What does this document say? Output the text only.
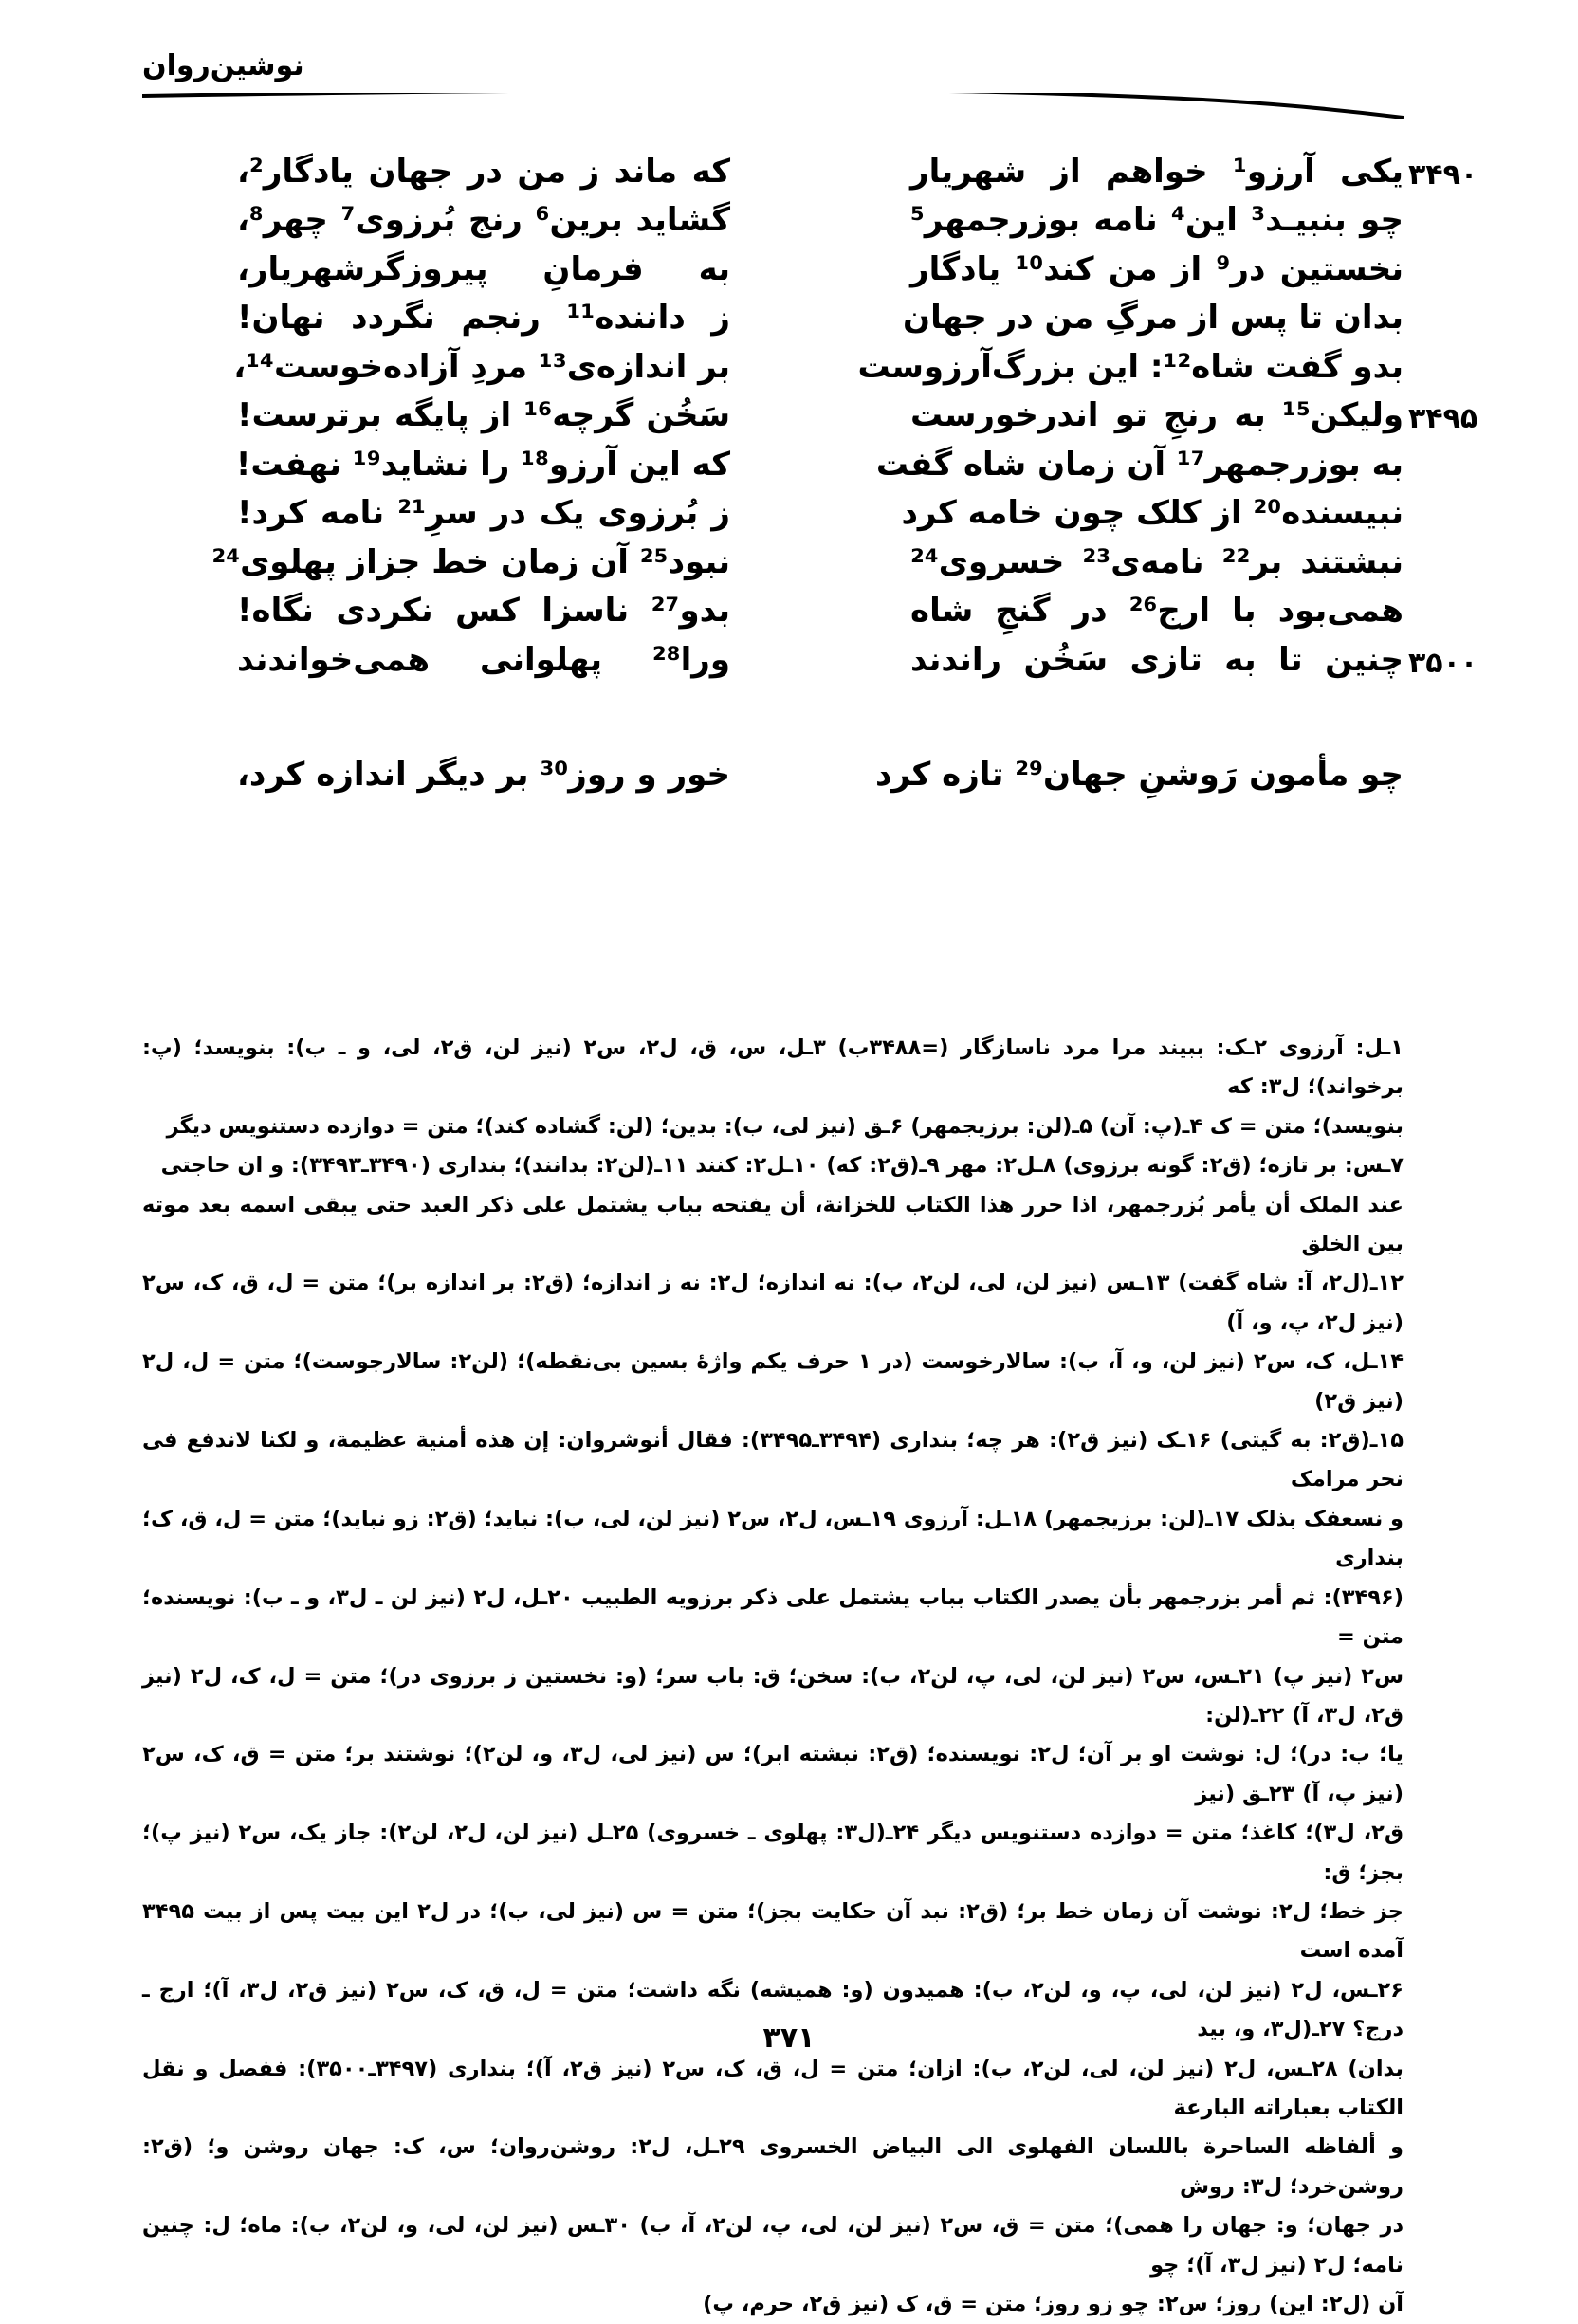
نوشین‌روان
۳۴۹۰
یکی آرزو¹ خواهم از شهریار
که ماند ز من در جهان یادگار²،
چو بنبیـد³ این⁴ نامه بوزرجمهر⁵
گشاید برین⁶ رنج بُرزوی⁷ چهر⁸،
نخستین در⁹ از من کند¹⁰ یادگار
به فرمانِ پیروزگرشهریار،
بدان تا پس از مرگِ من در جهان
ز داننده¹¹ رنجم نگردد نهان!
بدو گفت شاه¹²: این بزرگ‌آرزوست
بر اندازه‌ی¹³ مردِ آزاده‌خوست¹⁴،
۳۴۹۵
ولیکن¹⁵ به رنجِ تو اندرخورست
سَخُن گرچه¹⁶ از پایگه برترست!
به بوزرجمهر¹⁷ آن زمان شاه گفت
که این آرزو¹⁸ را نشاید¹⁹ نهفت!
نبیسنده²⁰ از کلک چون خامه کرد
ز بُرزوی یک در سرِ²¹ نامه کرد!
نبشتند بر²² نامه‌ی²³ خسروی²⁴
نبود²⁵ آن زمان خط جزاز پهلوی²⁴
همی‌بود با ارج²⁶ در گنجِ شاه
بدو²⁷ ناسزا کس نکردی نگاه!
۳۵۰۰
چنین تا به تازی سَخُن راندند
ورا²⁸ پهلوانی همی‌خواندند
چو مأمون رَوشنِ جهان²⁹ تازه کرد
خور و روز³⁰ بر دیگر اندازه کرد،

۱ـل: آرزوی ۲ـک: ببیند مرا مرد ناسازگار (=۳۴۸۸ب) ۳ـل، س، ق، ل۲، س۲ (نیز لن، ق۲، لی، و ـ ب): بنویسد؛ (پ: برخواند)؛ ل۳: که

بنویسد)؛ متن = ک ۴ـ(پ: آن) ۵ـ(لن: برزیجمهر) ۶ـق (نیز لی، ب): بدین؛ (لن: گشاده کند)؛ متن = دوازده دستنویس دیگر

۷ـس: بر تازه؛ (ق۲: گونه برزوی) ۸ـل۲: مهر ۹ـ(ق۲: که) ۱۰ـل۲: کنند ۱۱ـ(لن۲: بدانند)؛ بنداری (۳۴۹۰ـ۳۴۹۳): و ان حاجتی

عند الملک أن یأمر بُزرجمهر، اذا حرر هذا الکتاب للخزانة، أن یفتحه بباب یشتمل علی ذکر العبد حتی یبقی اسمه بعد موته بین الخلق

۱۲ـ(ل۲، آ: شاه گفت) ۱۳ـس (نیز لن، لی، لن۲، ب): نه اندازه؛ ل۲: نه ز اندازه؛ (ق۲: بر اندازه بر)؛ متن = ل، ق، ک، س۲ (نیز ل۲، پ، و، آ)

۱۴ـل، ک، س۲ (نیز لن، و، آ، ب): سالارخوست (در ۱ حرف یکم واژهٔ بسین بی‌نقطه)؛ (لن۲: سالارجوست)؛ متن = ل، ل۲ (نیز ق۲)

۱۵ـ(ق۲: به گیتی) ۱۶ـک (نیز ق۲): هر چه؛ بنداری (۳۴۹۴ـ۳۴۹۵): فقال أنوشروان: إن هذه أمنیة عظیمة، و لکنا لاندفع فی نحر مرامک

و نسعفک بذلک ۱۷ـ(لن: برزیجمهر) ۱۸ـل: آرزوی ۱۹ـس، ل۲، س۲ (نیز لن، لی، ب): نباید؛ (ق۲: زو نباید)؛ متن = ل، ق، ک؛ بنداری

(۳۴۹۶): ثم أمر بزرجمهر بأن یصدر الکتاب بباب یشتمل علی ذکر برزویه الطبیب ۲۰ـل، ل۲ (نیز لن ـ ل۳، و ـ ب): نویسنده؛ متن =

س۲ (نیز پ) ۲۱ـس، س۲ (نیز لن، لی، پ، لن۲، ب): سخن؛ ق: باب سر؛ (و: نخستین ز برزوی در)؛ متن = ل، ک، ل۲ (نیز ق۲، ل۳، آ) ۲۲ـ(لن:

یا؛ ب: در)؛ ل: نوشت او بر آن؛ ل۲: نویسنده؛ (ق۲: نبشته ابر)؛ س (نیز لی، ل۳، و، لن۲)؛ نوشتند بر؛ متن = ق، ک، س۲ (نیز پ، آ) ۲۳ـق (نیز

ق۲، ل۳)؛ کاغذ؛ متن = دوازده دستنویس دیگر ۲۴ـ(ل۳: پهلوی ـ خسروی) ۲۵ـل (نیز لن، ل۲، لن۲): جاز یک، س۲ (نیز پ)؛ بجز؛ ق:

جز خط؛ ل۲: نوشت آن زمان خط بر؛ (ق۲: نبد آن حکایت بجز)؛ متن = س (نیز لی، ب)؛ در ل۲ این بیت پس از بیت ۳۴۹۵ آمده است

۲۶ـس، ل۲ (نیز لن، لی، پ، و، لن۲، ب): همیدون (و: همیشه) نگه داشت؛ متن = ل، ق، ک، س۲ (نیز ق۲، ل۳، آ)؛ ارج ـ درج؟ ۲۷ـ(ل۳، و، بید

بدان) ۲۸ـس، ل۲ (نیز لن، لی، لن۲، ب): ازان؛ متن = ل، ق، ک، س۲ (نیز ق۲، آ)؛ بنداری (۳۴۹۷ـ۳۵۰۰): ففصل و نقل الکتاب بعباراته البارعة

و ألفاظه الساحرة باللسان الفهلوی الی البیاض الخسروی ۲۹ـل، ل۲: روشن‌روان؛ س، ک: جهان روشن و؛ (ق۲: روشن‌خرد؛ ل۳: روش

در جهان؛ و: جهان را همی)؛ متن = ق، س۲ (نیز لن، لی، پ، لن۲، آ، ب) ۳۰ـس (نیز لن، لی، و، لن۲، ب): ماه؛ ل: چنین نامه؛ ل۲ (نیز ل۳، آ)؛ چو

آن (ل۲: این) روز؛ س۲: چو زو روز؛ متن = ق، ک (نیز ق۲، حرم، پ)

۳۷۱
